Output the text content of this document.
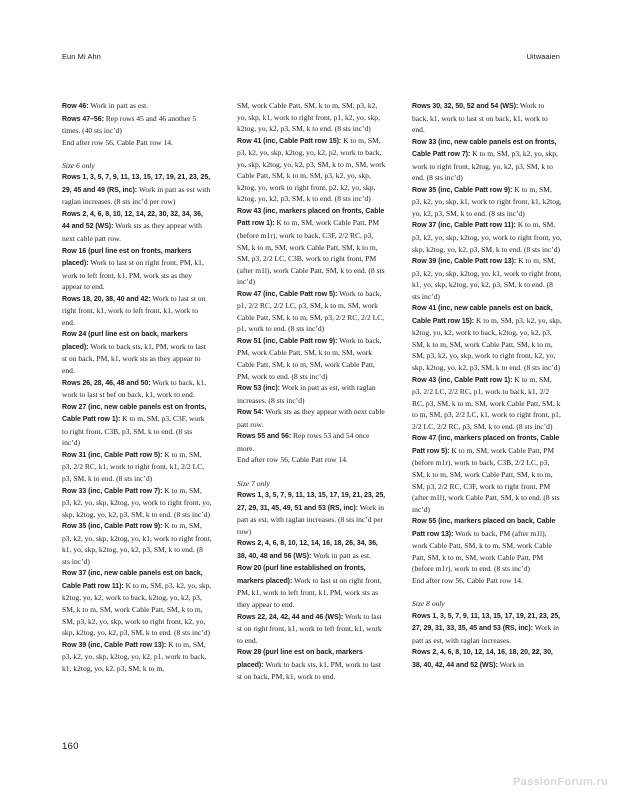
Eun Mi Ahn	Uitwaaien

Row 46: Work in patt as est.

Rows 47–56: Rep rows 45 and 46 another 5 times. (40 sts inc’d)

End after row 56, Cable Patt row 14.

Size 6 only

Rows 1, 3, 5, 7, 9, 11, 13, 15, 17, 19, 21, 23, 25, 29, 45 and 49 (RS, inc): Work in patt as est with raglan increases. (8 sts inc’d per row)

Rows 2, 4, 6, 8, 10, 12, 14, 22, 30, 32, 34, 36, 44 and 52 (WS): Work sts as they appear with next cable patt row.

Row 16 (purl line est on fronts, markers placed): Work to last st on right front, PM, k1, work to left front, k1, PM, work sts as they appear to end.

Rows 18, 20, 38, 40 and 42: Work to last st on right front, k1, work to left front, k1, work to end.

Row 24 (purl line est on back, markers placed): Work to back sts, k1, PM, work to last st on back, PM, k1, work sts as they appear to end.

Rows 26, 28, 46, 48 and 50: Work to back, k1, work to last st bef on back, k1, work to end.

Row 27 (inc, new cable panels est on fronts, Cable Patt row 1): K to m, SM, p3, C3F, work to right front, C3B, p3, SM, k to end. (8 sts inc’d)

Row 31 (inc, Cable Patt row 5): K to m, SM, p3, 2/2 RC, k1, work to right front, k1, 2/2 LC, p3, SM, k to end. (8 sts inc’d)

Row 33 (inc, Cable Patt row 7): K to m, SM, p3, k2, yo, skp, k2tog, yo, work to right front, yo, skp, k2tog, yo, k2, p3, SM, k to end. (8 sts inc’d)

Row 35 (inc, Cable Patt row 9): K to m, SM, p3, k2, yo, skp, k2tog, yo, k1, work to right front, k1, yo, skp, k2tog, yo, k2, p3, SM, k to end. (8 sts inc’d)

Row 37 (inc, new cable panels est on back, Cable Patt row 11): K to m, SM, p3, k2, yo, skp, k2tog, yo, k2, work to back, k2tog, yo, k2, p3, SM, k to m, SM, work Cable Patt, SM, k to m, SM, p3, k2, yo, skp, work to right front, k2, yo, skp, k2tog, yo, k2, p3, SM, k to end. (8 sts inc’d)

Row 39 (inc, Cable Patt row 13): K to m, SM, p3, k2, yo, skp, k2tog, yo, k2, p1, work to back, k1, k2tog, yo, k2, p3, SM, k to m,

SM, work Cable Patt, SM, k to m, SM, p3, k2, yo, skp, k1, work to right front, p1, k2, yo, skp, k2tog, yo, k2, p3, SM, k to end. (8 sts inc’d)

Row 41 (inc, Cable Patt row 15): K to m, SM, p3, k2, yo, skp, k2tog, yo, k2, p2, work to back, yo, skp, k2tog, yo, k2, p3, SM, k to m, SM, work Cable Patt, SM, k to m, SM, p3, k2, yo, skp, k2tog, yo, work to right front, p2, k2, yo, skp, k2tog, yo, k2, p3, SM, k to end. (8 sts inc’d)

Row 43 (inc, markers placed on fronts, Cable Patt row 1): K to m, SM, work Cable Patt, PM (before m1r), work to back, C3F, 2/2 RC, p3, SM, k to m, SM, work Cable Patt, SM, k to m, SM, p3, 2/2 LC, C3B, work to right front, PM (after m1l), work Cable Patt, SM, k to end. (8 sts inc’d)

Row 47 (inc, Cable Patt row 5): Work to back, p1, 2/2 RC, 2/2 LC, p3, SM, k to m, SM, work Cable Patt, SM, k to m, SM, p3, 2/2 RC, 2/2 LC, p1, work to end. (8 sts inc’d)

Row 51 (inc, Cable Patt row 9): Work to back, PM, work Cable Patt, SM, k to m, SM, work Cable Patt, SM, k to m, SM, work Cable Patt, PM, work to end. (8 sts inc’d)

Row 53 (inc): Work in patt as est, with raglan increases. (8 sts inc’d)

Row 54: Work sts as they appear with next cable patt row.

Rows 55 and 56: Rep rows 53 and 54 once more.

End after row 56, Cable Patt row 14.

Size 7 only

Rows 1, 3, 5, 7, 9, 11, 13, 15, 17, 19, 21, 23, 25, 27, 29, 31, 45, 49, 51 and 53 (RS, inc): Work in patt as est, with raglan increases. (8 sts inc’d per row)

Rows 2, 4, 6, 8, 10, 12, 14, 16, 18, 26, 34, 36, 38, 40, 48 and 56 (WS): Work in patt as est.

Row 20 (purl line established on fronts, markers placed): Work to last st on right front, PM, k1, work to left front, k1, PM, work sts as they appear to end.

Rows 22, 24, 42, 44 and 46 (WS): Work to last st on right front, k1, work to left front, k1, work to end.

Row 28 (purl line est on back, markers placed): Work to back sts, k1, PM, work to last st on back, PM, k1, work to end.

Rows 30, 32, 50, 52 and 54 (WS): Work to back, k1, work to last st on back, k1, work to end.

Row 33 (inc, new cable panels est on fronts, Cable Patt row 7): K to m, SM, p3, k2, yo, skp, work to right front, k2tog, yo, k2, p3, SM, k to end. (8 sts inc’d)

Row 35 (inc, Cable Patt row 9): K to m, SM, p3, k2, yo, skp, k1, work to right front, k1, k2tog, yo, k2, p3, SM, k to end. (8 sts inc’d)

Row 37 (inc, Cable Patt row 11): K to m, SM, p3, k2, yo, skp, k2tog, yo, work to right front, yo, skp, k2tog, yo, k2, p3, SM, k to end. (8 sts inc’d)

Row 39 (inc, Cable Patt row 13): K to m, SM, p3, k2, yo, skp, k2tog, yo, k1, work to right front, k1, yo, skp, k2tog, yo, k2, p3, SM, k to end. (8 sts inc’d)

Row 41 (inc, new cable panels est on back, Cable Patt row 15): K to m, SM, p3, k2, yo, skp, k2tog, yo, k2, work to back, k2tog, yo, k2, p3, SM, k to m, SM, work Cable Patt, SM, k to m, SM, p3, k2, yo, skp, work to right front, k2, yo, skp, k2tog, yo, k2, p3, SM, k to end. (8 sts inc’d)

Row 43 (inc, Cable Patt row 1): K to m, SM, p3, 2/2 LC, 2/2 RC, p1, work to back, k1, 2/2 RC, p3, SM, k to m, SM, work Cable Patt, SM, k to m, SM, p3, 2/2 LC, k1, work to right front, p1, 2/2 LC, 2/2 RC, p3, SM, k to end. (8 sts inc’d)

Row 47 (inc, markers placed on fronts, Cable Patt row 5): K to m, SM, work Cable Patt, PM (before m1r), work to back, C3B, 2/2 LC, p3, SM, k to m, SM, work Cable Patt, SM, k to m, SM, p3, 2/2 RC, C3F, work to right front, PM (after m1l), work Cable Patt, SM, k to end. (8 sts inc’d)

Row 55 (inc, markers placed on back, Cable Patt row 13): Work to back, PM (after m1l), work Cable Patt, SM, k to m, SM, work Cable Patt, SM, k to m, SM, work Cable Patt, PM (before m1r), work to end. (8 sts inc’d)

End after row 56, Cable Patt row 14.

Size 8 only

Rows 1, 3, 5, 7, 9, 11, 13, 15, 17, 19, 21, 23, 25, 27, 29, 31, 33, 35, 45 and 53 (RS, inc): Work in patt as est, with raglan increases.

Rows 2, 4, 6, 8, 10, 12, 14, 16, 18, 20, 22, 30, 38, 40, 42, 44 and 52 (WS): Work in

160
PassionForum.ru
